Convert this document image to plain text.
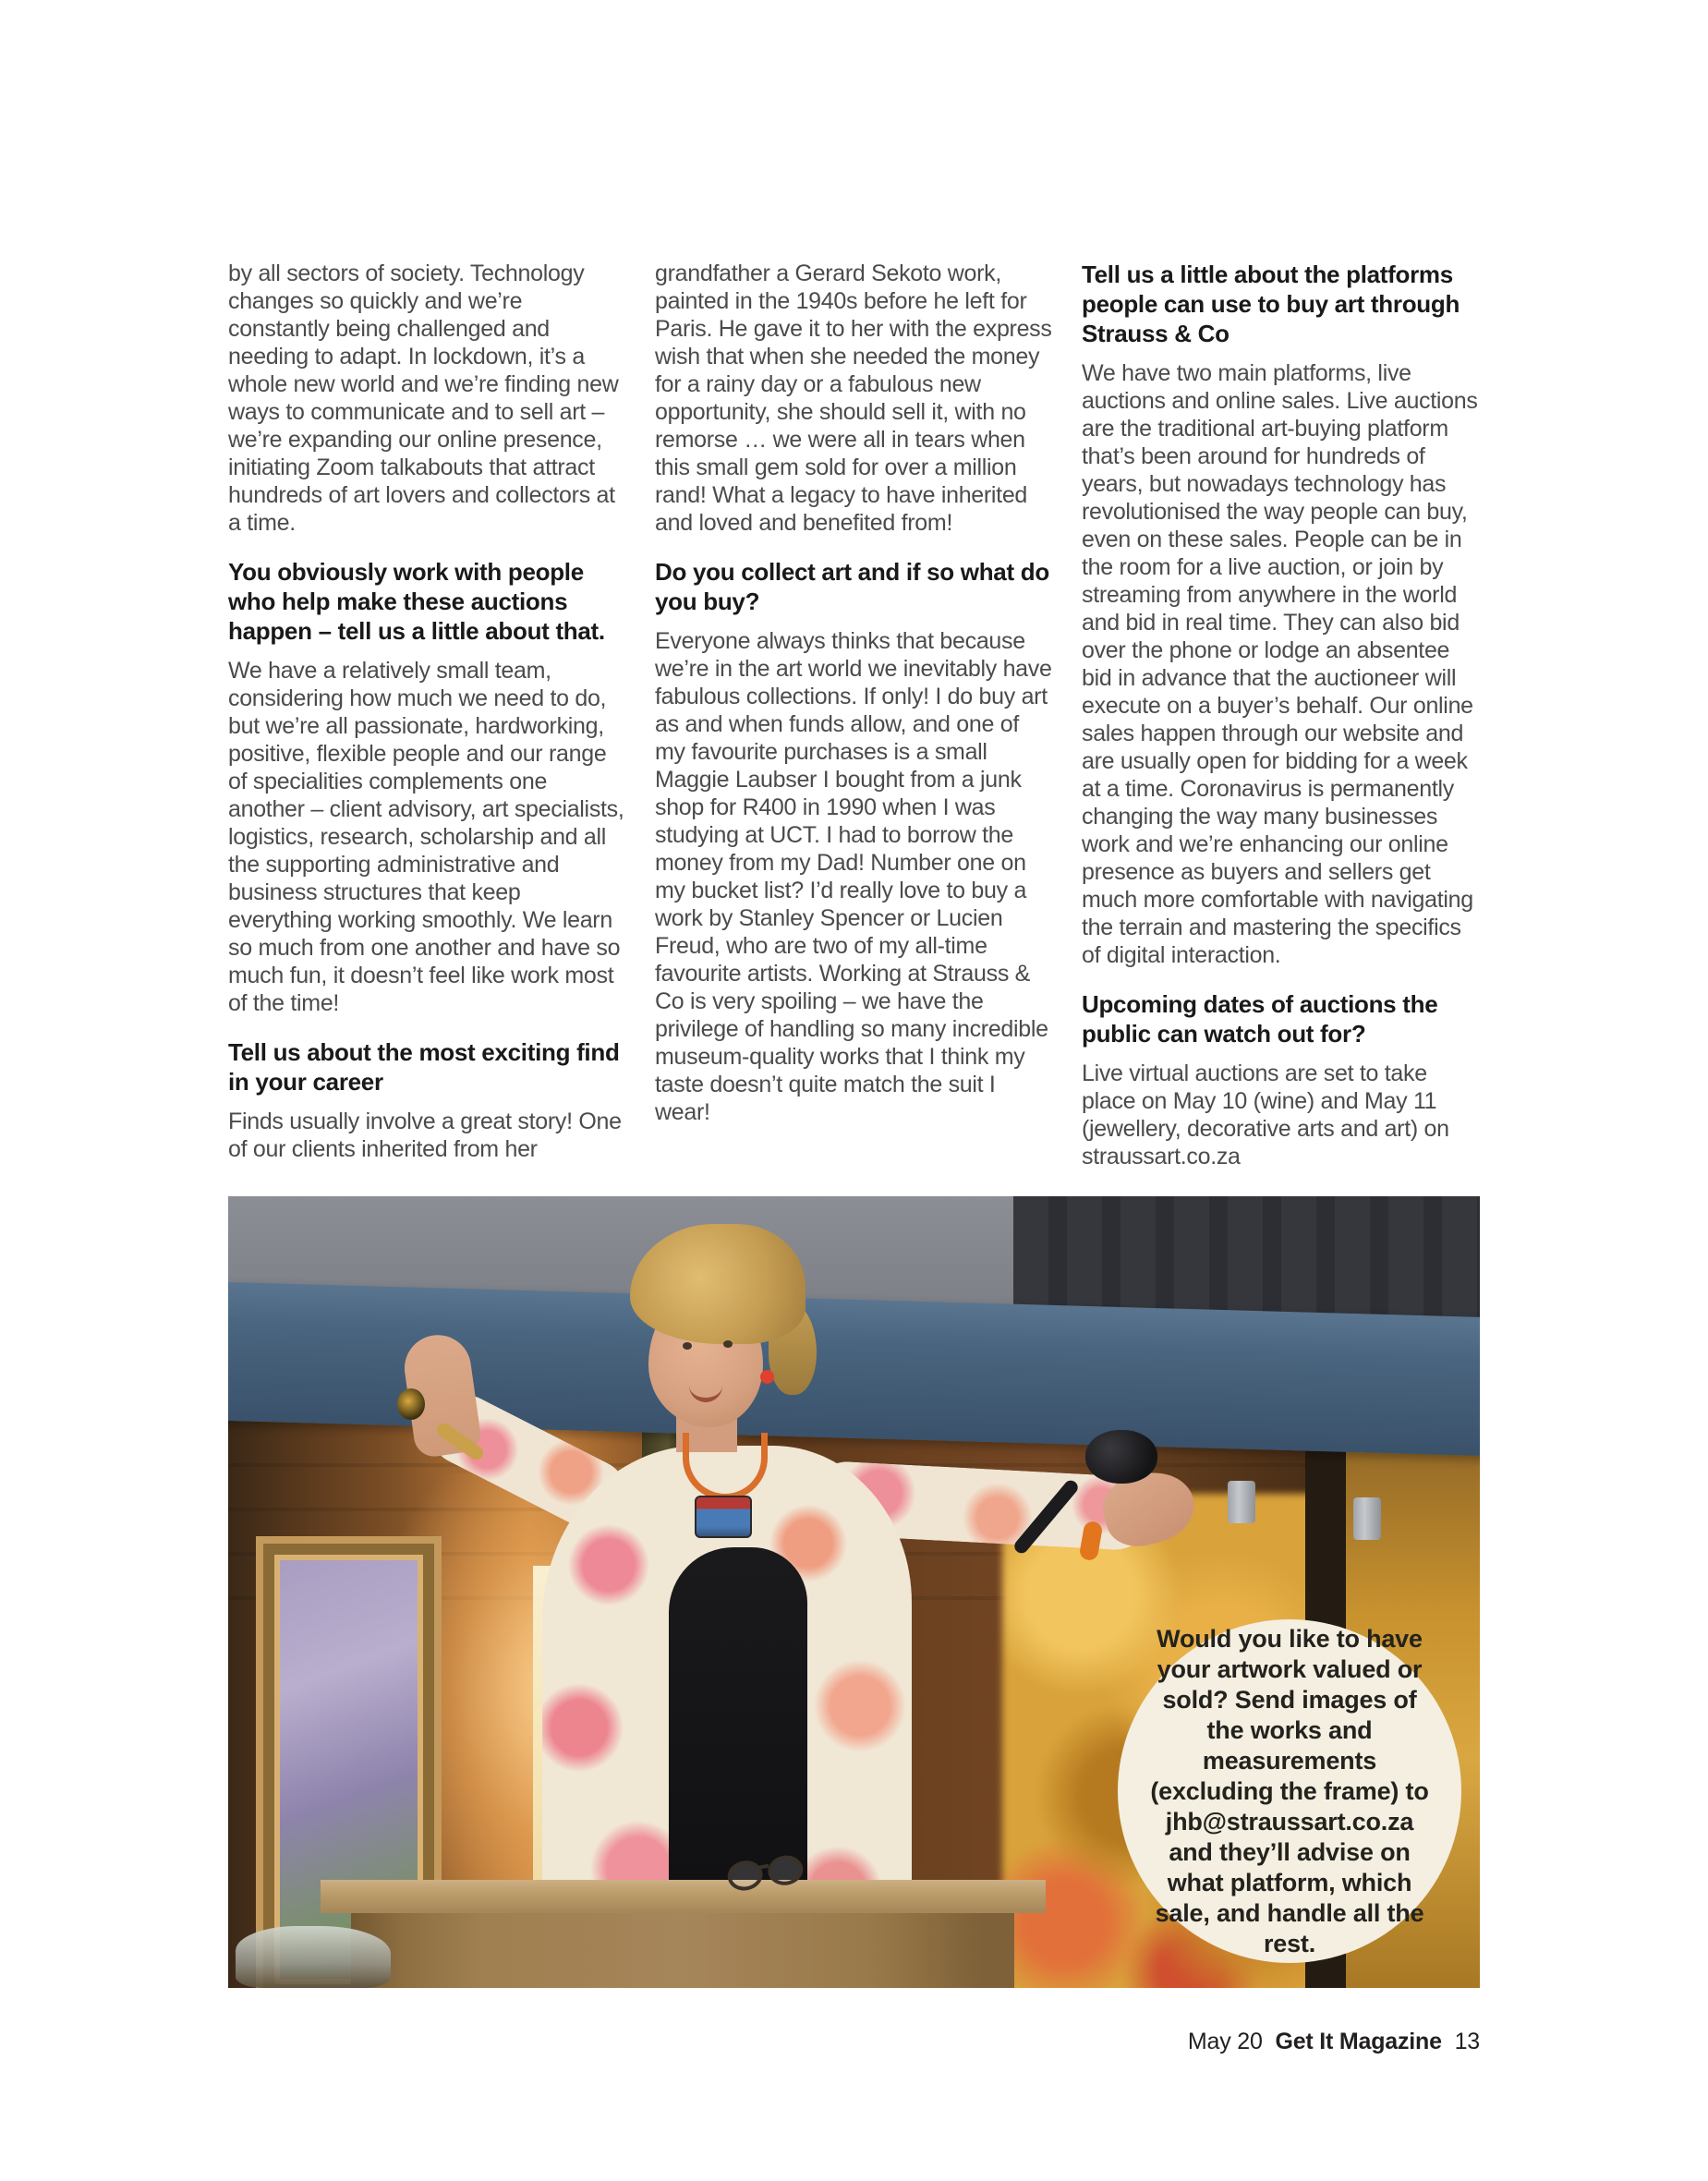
by all sectors of society. Technology changes so quickly and we’re constantly being challenged and needing to adapt. In lockdown, it’s a whole new world and we’re finding new ways to communicate and to sell art – we’re expanding our online presence, initiating Zoom talkabouts that attract hundreds of art lovers and collectors at a time.

You obviously work with people who help make these auctions happen – tell us a little about that.

We have a relatively small team, considering how much we need to do, but we’re all passionate, hardworking, positive, flexible people and our range of specialities complements one another – client advisory, art specialists, logistics, research, scholarship and all the supporting administrative and business structures that keep everything working smoothly. We learn so much from one another and have so much fun, it doesn’t feel like work most of the time!

Tell us about the most exciting find in your career

Finds usually involve a great story! One of our clients inherited from her

grandfather a Gerard Sekoto work, painted in the 1940s before he left for Paris. He gave it to her with the express wish that when she needed the money for a rainy day or a fabulous new opportunity, she should sell it, with no remorse … we were all in tears when this small gem sold for over a million rand! What a legacy to have inherited and loved and benefited from!

Do you collect art and if so what do you buy?

Everyone always thinks that because we’re in the art world we inevitably have fabulous collections. If only! I do buy art as and when funds allow, and one of my favourite purchases is a small Maggie Laubser I bought from a junk shop for R400 in 1990 when I was studying at UCT. I had to borrow the money from my Dad! Number one on my bucket list? I’d really love to buy a work by Stanley Spencer or Lucien Freud, who are two of my all-time favourite artists. Working at Strauss & Co is very spoiling – we have the privilege of handling so many incredible museum-quality works that I think my taste doesn’t quite match the suit I wear!

Tell us a little about the platforms people can use to buy art through Strauss & Co

We have two main platforms, live auctions and online sales. Live auctions are the traditional art-buying platform that’s been around for hundreds of years, but nowadays technology has revolutionised the way people can buy, even on these sales. People can be in the room for a live auction, or join by streaming from anywhere in the world and bid in real time. They can also bid over the phone or lodge an absentee bid in advance that the auctioneer will execute on a buyer’s behalf. Our online sales happen through our website and are usually open for bidding for a week at a time. Coronavirus is permanently changing the way many businesses work and we’re enhancing our online presence as buyers and sellers get much more comfortable with navigating the terrain and mastering the specifics of digital interaction.

Upcoming dates of auctions the public can watch out for?

Live virtual auctions are set to take place on May 10 (wine) and May 11 (jewellery, decorative arts and art) on straussart.co.za

Would you like to have your artwork valued or sold? Send images of the works and measurements (excluding the frame) to jhb@straussart.co.za and they’ll advise on what platform, which sale, and handle all the rest.

May 20 Get It Magazine 13
